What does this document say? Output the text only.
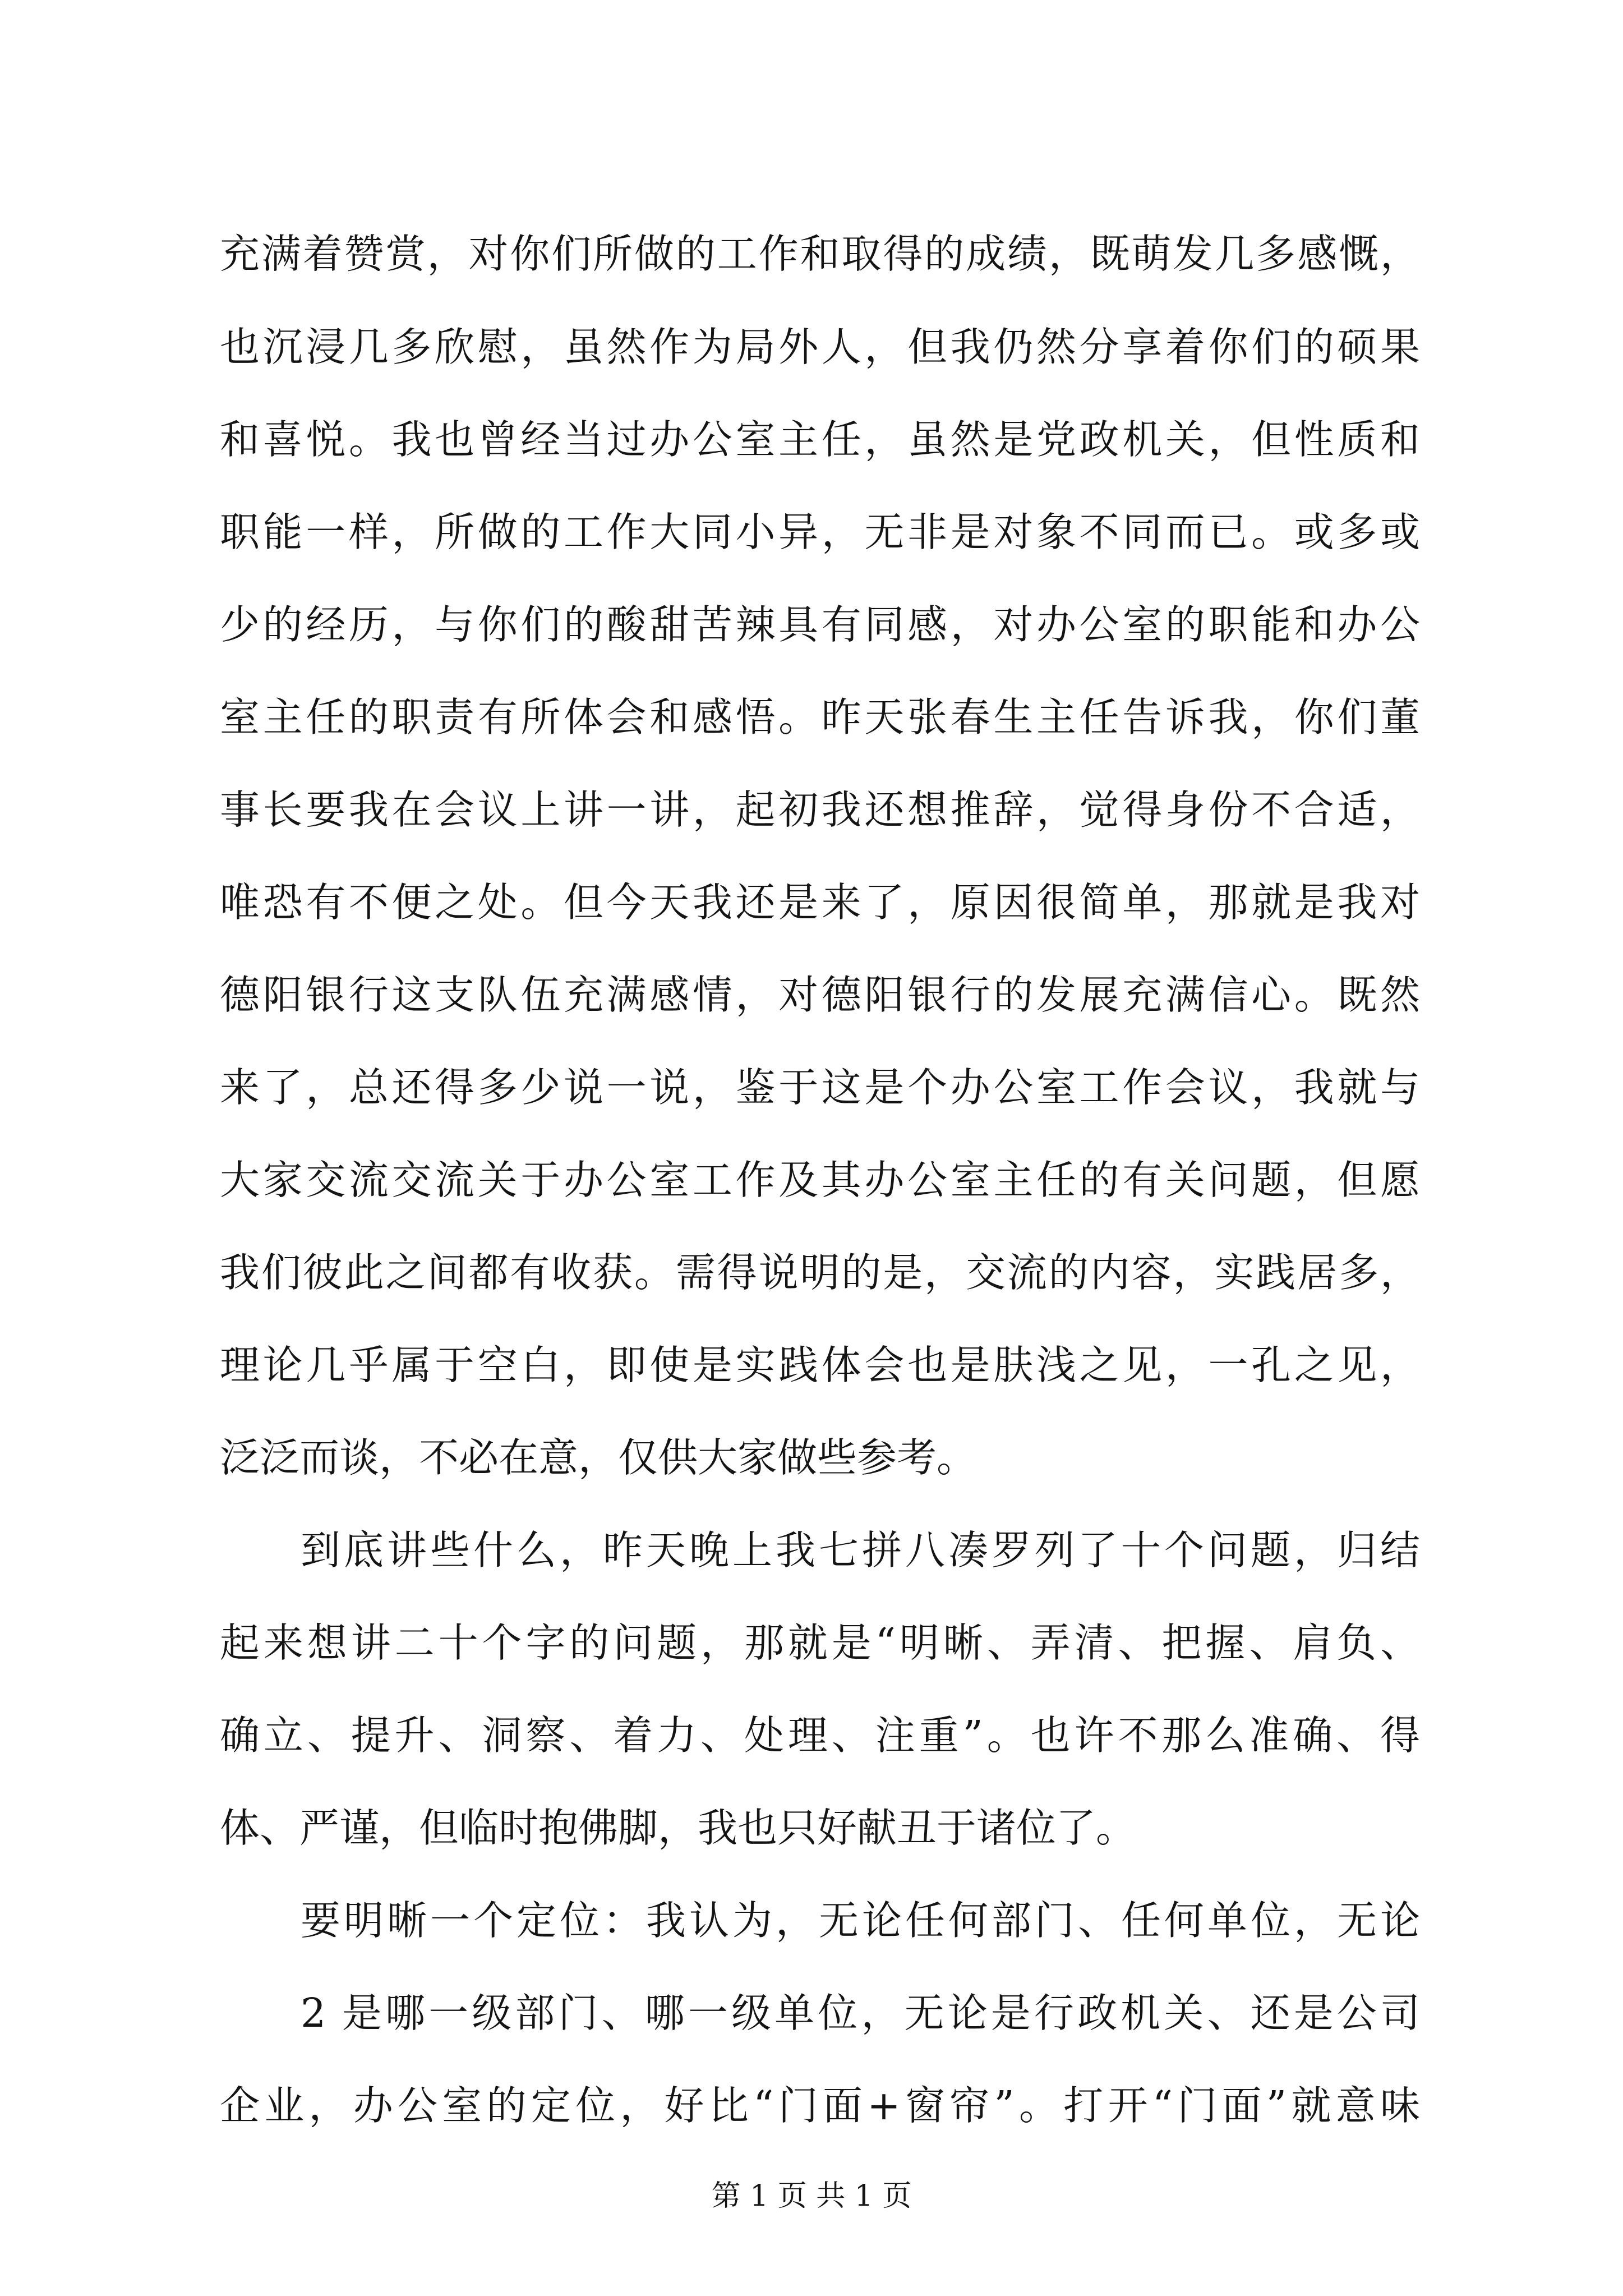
充满着赞赏，对你们所做的工作和取得的成绩，既萌发几多感慨，
也沉浸几多欣慰，虽然作为局外人，但我仍然分享着你们的硕果
和喜悦。我也曾经当过办公室主任，虽然是党政机关，但性质和
职能一样，所做的工作大同小异，无非是对象不同而已。或多或
少的经历，与你们的酸甜苦辣具有同感，对办公室的职能和办公
室主任的职责有所体会和感悟。昨天张春生主任告诉我，你们董
事长要我在会议上讲一讲，起初我还想推辞，觉得身份不合适，
唯恐有不便之处。但今天我还是来了，原因很简单，那就是我对
德阳银行这支队伍充满感情，对德阳银行的发展充满信心。既然
来了，总还得多少说一说，鉴于这是个办公室工作会议，我就与
大家交流交流关于办公室工作及其办公室主任的有关问题，但愿
我们彼此之间都有收获。需得说明的是，交流的内容，实践居多，
理论几乎属于空白，即使是实践体会也是肤浅之见，一孔之见，
泛泛而谈，不必在意，仅供大家做些参考。
到底讲些什么，昨天晚上我七拼八凑罗列了十个问题，归结
起来想讲二十个字的问题，那就是“明晰、弄清、把握、肩负、
确立、提升、洞察、着力、处理、注重”。也许不那么准确、得
体、严谨，但临时抱佛脚，我也只好献丑于诸位了。
要明晰一个定位：我认为，无论任何部门、任何单位，无论
2 是哪一级部门、哪一级单位，无论是行政机关、还是公司
企业，办公室的定位，好比“门面+窗帘”。打开“门面”就意味
第 1 页 共 1 页
